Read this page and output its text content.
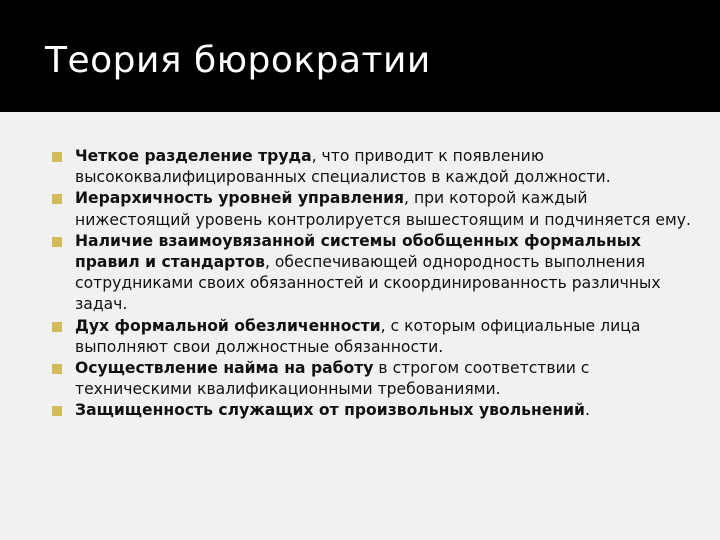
Теория бюрократии
Четкое разделение труда, что приводит к появлению высококвалифицированных специалистов в каждой должности.
Иерархичность уровней управления, при которой каждый нижестоящий уровень контролируется вышестоящим и подчиняется ему.
Наличие взаимоувязанной системы обобщенных формальных правил и стандартов, обеспечивающей однородность выполнения сотрудниками своих обязанностей и скоординированность различных задач.
Дух формальной обезличенности, с которым официальные лица выполняют свои должностные обязанности.
Осуществление найма на работу в строгом соответствии с техническими квалификационными требованиями.
Защищенность служащих от произвольных увольнений.
